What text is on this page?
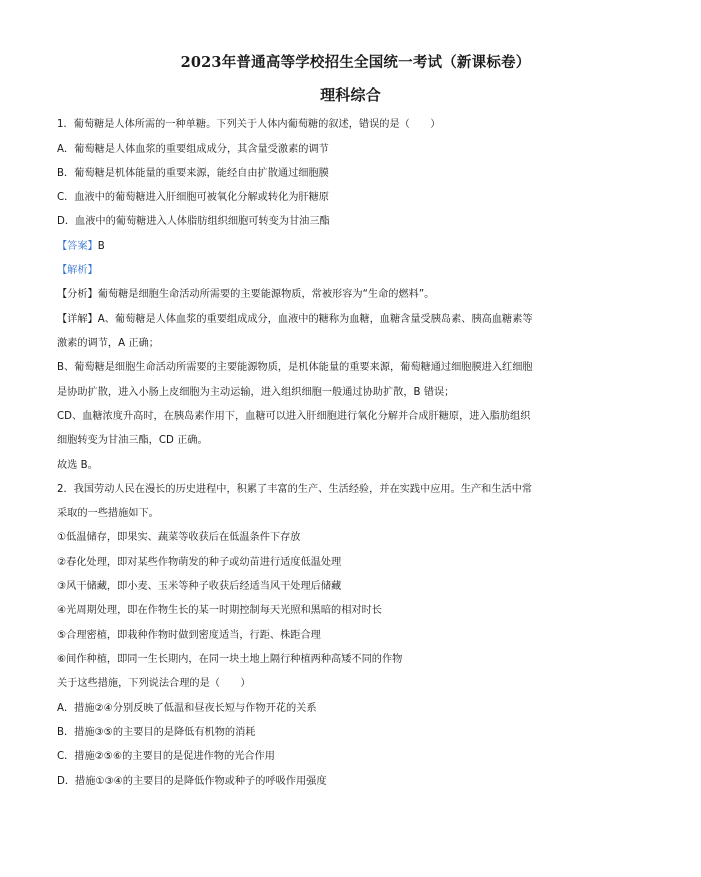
2023年普通高等学校招生全国统一考试（新课标卷）
理科综合
1．葡萄糖是人体所需的一种单糖。下列关于人体内葡萄糖的叙述，错误的是（　　）
A．葡萄糖是人体血浆的重要组成成分，其含量受激素的调节
B．葡萄糖是机体能量的重要来源，能经自由扩散通过细胞膜
C．血液中的葡萄糖进入肝细胞可被氧化分解或转化为肝糖原
D．血液中的葡萄糖进入人体脂肪组织细胞可转变为甘油三酯
【答案】B
【解析】
【分析】葡萄糖是细胞生命活动所需要的主要能源物质，常被形容为“生命的燃料”。
【详解】A、葡萄糖是人体血浆的重要组成成分，血液中的糖称为血糖，血糖含量受胰岛素、胰高血糖素等
激素的调节，A 正确；
B、葡萄糖是细胞生命活动所需要的主要能源物质，是机体能量的重要来源，葡萄糖通过细胞膜进入红细胞
是协助扩散，进入小肠上皮细胞为主动运输，进入组织细胞一般通过协助扩散，B 错误；
CD、血糖浓度升高时，在胰岛素作用下，血糖可以进入肝细胞进行氧化分解并合成肝糖原，进入脂肪组织
细胞转变为甘油三酯，CD 正确。
故选 B。
2．我国劳动人民在漫长的历史进程中，积累了丰富的生产、生活经验，并在实践中应用。生产和生活中常
采取的一些措施如下。
①低温储存，即果实、蔬菜等收获后在低温条件下存放
②春化处理，即对某些作物萌发的种子或幼苗进行适度低温处理
③风干储藏，即小麦、玉米等种子收获后经适当风干处理后储藏
④光周期处理，即在作物生长的某一时期控制每天光照和黑暗的相对时长
⑤合理密植，即栽种作物时做到密度适当，行距、株距合理
⑥间作种植，即同一生长期内，在同一块土地上隔行种植两种高矮不同的作物
关于这些措施，下列说法合理的是（　　）
A．措施②④分别反映了低温和昼夜长短与作物开花的关系
B．措施③⑤的主要目的是降低有机物的消耗
C．措施②⑤⑥的主要目的是促进作物的光合作用
D．措施①③④的主要目的是降低作物或种子的呼吸作用强度
